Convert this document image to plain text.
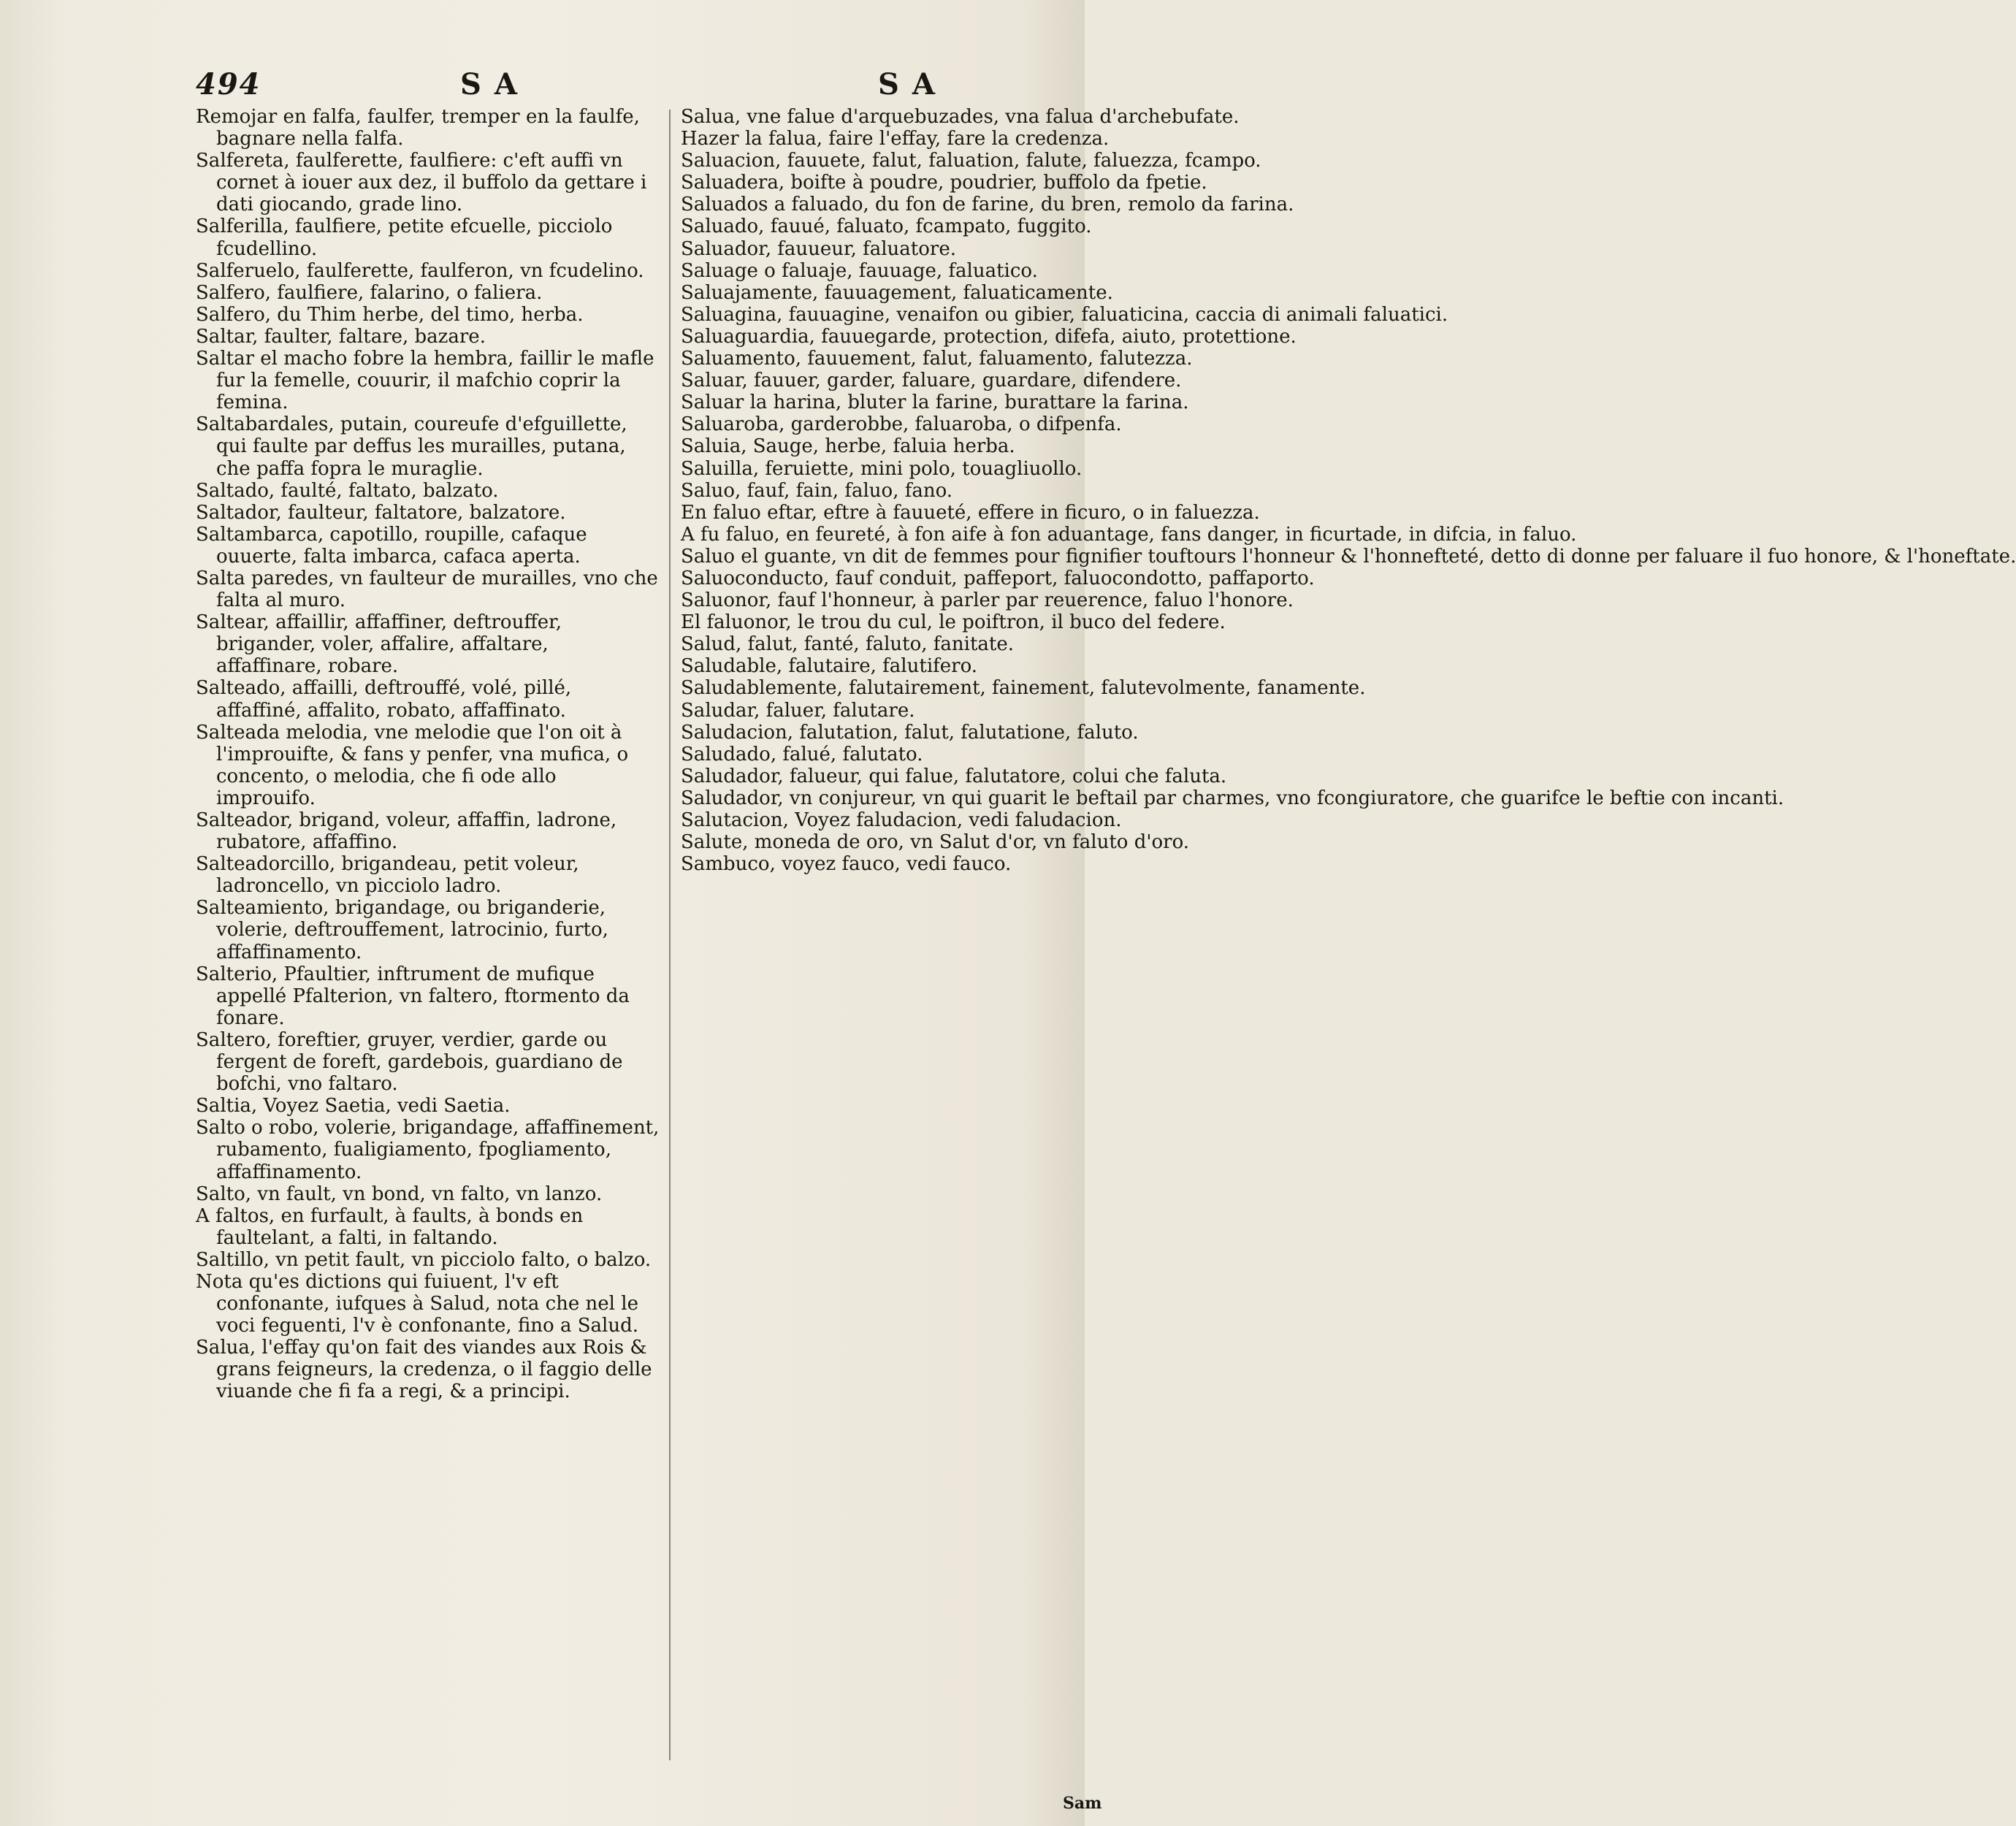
494	S A	S A

Remojar en falfa, faulfer, tremper en la faulfe, bagnare nella falfa.

Salfereta, faulferette, faulfiere: c'eft auffi vn cornet à iouer aux dez, il buffolo da gettare i dati giocando, grade lino.

Salferilla, faulfiere, petite efcuelle, picciolo fcudellino.

Salferuelo, faulferette, faulferon, vn fcudelino.

Salfero, faulfiere, falarino, o faliera.

Salfero, du Thim herbe, del timo, herba.

Saltar, faulter, faltare, bazare.

Saltar el macho fobre la hembra, faillir le mafle fur la femelle, couurir, il mafchio coprir la femina.

Saltabardales, putain, coureufe d'efguillette, qui faulte par deffus les murailles, putana, che paffa fopra le muraglie.

Saltado, faulté, faltato, balzato.

Saltador, faulteur, faltatore, balzatore.

Saltambarca, capotillo, roupille, cafaque ouuerte, falta imbarca, cafaca aperta.

Salta paredes, vn faulteur de murailles, vno che falta al muro.

Saltear, affaillir, affaffiner, deftrouffer, brigander, voler, affalire, affaltare, affaffinare, robare.

Salteado, affailli, deftrouffé, volé, pillé, affaffiné, affalito, robato, affaffinato.

Salteada melodia, vne melodie que l'on oit à l'improuifte, & fans y penfer, vna mufica, o concento, o melodia, che fi ode allo improuifo.

Salteador, brigand, voleur, affaffin, ladrone, rubatore, affaffino.

Salteadorcillo, brigandeau, petit voleur, ladroncello, vn picciolo ladro.

Salteamiento, brigandage, ou briganderie, volerie, deftrouffement, latrocinio, furto, affaffinamento.

Salterio, Pfaultier, inftrument de mufique appellé Pfalterion, vn faltero, ftormento da fonare.

Saltero, foreftier, gruyer, verdier, garde ou fergent de foreft, gardebois, guardiano de bofchi, vno faltaro.

Saltia, Voyez Saetia, vedi Saetia.

Salto o robo, volerie, brigandage, affaffinement, rubamento, fualigiamento, fpogliamento, affaffinamento.

Salto, vn fault, vn bond, vn falto, vn lanzo.

A faltos, en furfault, à faults, à bonds en faultelant, a falti, in faltando.

Saltillo, vn petit fault, vn picciolo falto, o balzo.

Nota qu'es dictions qui fuiuent, l'v eft confonante, iufques à Salud, nota che nel le voci feguenti, l'v è confonante, fino a Salud.

Salua, l'effay qu'on fait des viandes aux Rois & grans feigneurs, la credenza, o il faggio delle viuande che fi fa a regi, & a principi.

Salua, vne falue d'arquebuzades, vna falua d'archebufate.

Hazer la falua, faire l'effay, fare la credenza.

Saluacion, fauuete, falut, faluation, falute, faluezza, fcampo.

Saluadera, boifte à poudre, poudrier, buffolo da fpetie.

Saluados a faluado, du fon de farine, du bren, remolo da farina.

Saluado, fauué, faluato, fcampato, fuggito.

Saluador, fauueur, faluatore.

Saluage o faluaje, fauuage, faluatico.

Saluajamente, fauuagement, faluaticamente.

Saluagina, fauuagine, venaifon ou gibier, faluaticina, caccia di animali faluatici.

Saluaguardia, fauuegarde, protection, difefa, aiuto, protettione.

Saluamento, fauuement, falut, faluamento, falutezza.

Saluar, fauuer, garder, faluare, guardare, difendere.

Saluar la harina, bluter la farine, burattare la farina.

Saluaroba, garderobbe, faluaroba, o difpenfa.

Saluia, Sauge, herbe, faluia herba.

Saluilla, feruiette, mini polo, touagliuollo.

Saluo, fauf, fain, faluo, fano.

En faluo eftar, eftre à fauueté, effere in ficuro, o in faluezza.

A fu faluo, en feureté, à fon aife à fon aduantage, fans danger, in ficurtade, in difcia, in faluo.

Saluo el guante, vn dit de femmes pour fignifier touftours l'honneur & l'honnefteté, detto di donne per faluare il fuo honore, & l'honeftate.

Saluoconducto, fauf conduit, paffeport, faluocondotto, paffaporto.

Saluonor, fauf l'honneur, à parler par reuerence, faluo l'honore.

El faluonor, le trou du cul, le poiftron, il buco del federe.

Salud, falut, fanté, faluto, fanitate.

Saludable, falutaire, falutifero.

Saludablemente, falutairement, fainement, falutevolmente, fanamente.

Saludar, faluer, falutare.

Saludacion, falutation, falut, falutatione, faluto.

Saludado, falué, falutato.

Saludador, falueur, qui falue, falutatore, colui che faluta.

Saludador, vn conjureur, vn qui guarit le beftail par charmes, vno fcongiuratore, che guarifce le beftie con incanti.

Salutacion, Voyez faludacion, vedi faludacion.

Salute, moneda de oro, vn Salut d'or, vn faluto d'oro.

Sambuco, voyez fauco, vedi fauco.

Sam
